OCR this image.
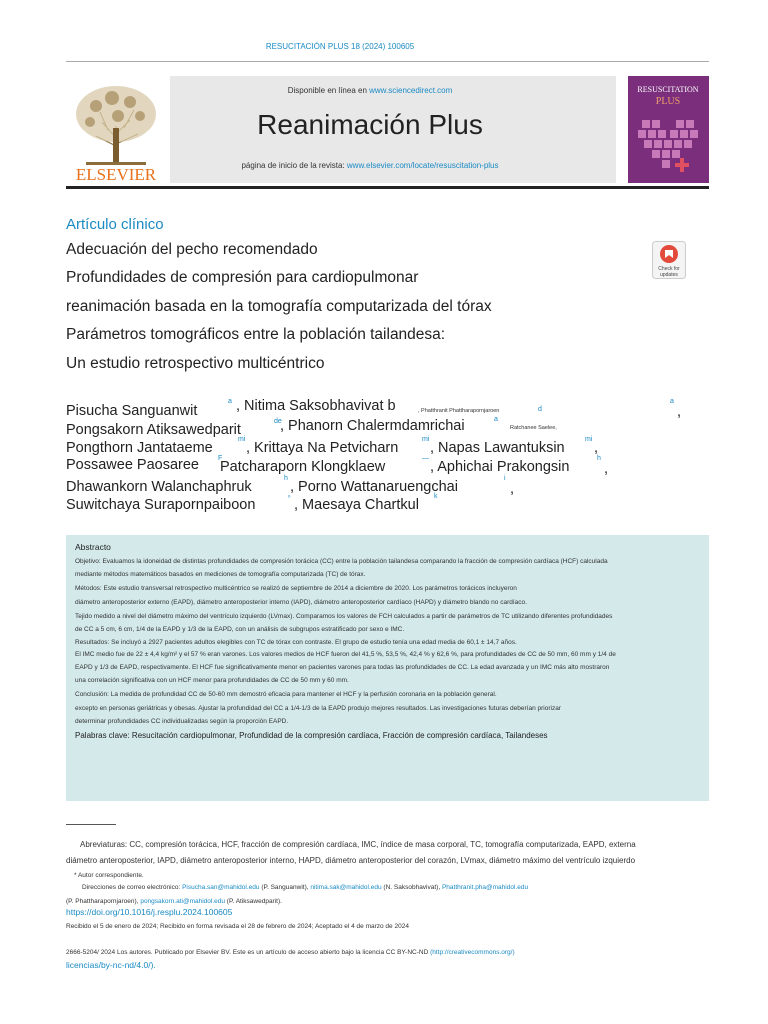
RESUCITACIÓN PLUS 18 (2024) 100605
ELSEVIER
Disponible en línea en www.sciencedirect.com
Reanimación Plus
página de inicio de la revista: www.elsevier.com/locate/resuscitation-plus
RESUSCITATION
PLUS
Artículo clínico
Adecuación del pecho recomendado
Profundidades de compresión para cardiopulmonar
reanimación basada en la tomografía computarizada del tórax
Parámetros tomográficos entre la población tailandesa:
Un estudio retrospectivo multicéntrico
Check for
updates
Pisucha Sanguanwit
a , Nitima Saksobhavivat b	, Phatthranit Phattharapornjaroen	d
a
,
Pongsakorn Atiksawedparit
de
, Phanorn Chalermdamrichai	a
Ratchanee Saelee,
Pongthorn Jantataeme
mi
, Krittaya Na Petvicharn
mi
, Napas Lawantuksin
mi
,
Possawee Paosaree	F
Patcharaporn Klongklaew
—
, Aphichai Prakongsin
h
,
Dhawankorn Walanchaphruk
h
, Porno Wattanaruengchai
i
,
Suwitchaya Surapornpaiboon	ⁿ , Maesaya Chartkul
k
Abstracto
Objetivo: Evaluamos la idoneidad de distintas profundidades de compresión torácica (CC) entre la población tailandesa comparando la fracción de compresión cardíaca (HCF) calculada
mediante métodos matemáticos basados en mediciones de tomografía computarizada (TC) de tórax.
Métodos: Este estudio transversal retrospectivo multicéntrico se realizó de septiembre de 2014 a diciembre de 2020. Los parámetros torácicos incluyeron
diámetro anteroposterior externo (EAPD), diámetro anteroposterior interno (IAPD), diámetro anteroposterior cardíaco (HAPD) y diámetro blando no cardíaco.
Tejido medido a nivel del diámetro máximo del ventrículo izquierdo (LVmax). Comparamos los valores de FCH calculados a partir de parámetros de TC utilizando diferentes profundidades
de CC a 5 cm, 6 cm, 1/4 de la EAPD y 1/3 de la EAPD, con un análisis de subgrupos estratificado por sexo e IMC.
Resultados: Se incluyó a 2927 pacientes adultos elegibles con TC de tórax con contraste. El grupo de estudio tenía una edad media de 60,1 ± 14,7 años.
El IMC medio fue de 22 ± 4,4 kg/m² y el 57 % eran varones. Los valores medios de HCF fueron del 41,5 %, 53,5 %, 42,4 % y 62,6 %, para profundidades de CC de 50 mm, 60 mm y 1/4 de
EAPD y 1/3 de EAPD, respectivamente. El HCF fue significativamente menor en pacientes varones para todas las profundidades de CC. La edad avanzada y un IMC más alto mostraron
una correlación significativa con un HCF menor para profundidades de CC de 50 mm y 60 mm.
Conclusión: La medida de profundidad CC de 50-60 mm demostró eficacia para mantener el HCF y la perfusión coronaria en la población general.
excepto en personas geriátricas y obesas. Ajustar la profundidad del CC a 1/4-1/3 de la EAPD produjo mejores resultados. Las investigaciones futuras deberían priorizar
determinar profundidades CC individualizadas según la proporción EAPD.
Palabras clave: Resucitación cardiopulmonar, Profundidad de la compresión cardíaca, Fracción de compresión cardíaca, Tailandeses
Abreviaturas: CC, compresión torácica, HCF, fracción de compresión cardíaca, IMC, índice de masa corporal, TC, tomografía computarizada, EAPD, externa
diámetro anteroposterior, IAPD, diámetro anteroposterior interno, HAPD, diámetro anteroposterior del corazón, LVmax, diámetro máximo del ventrículo izquierdo
* Autor correspondiente.
Direcciones de correo electrónico: Pisucha.san@mahidol.edu (P. Sanguanwit), nitima.sak@mahidol.edu (N. Saksobhavivat), Phatthranit.pha@mahidol.edu
(P. Phattharapornjaroen), pongsakorn.ati@mahidol.edu (P. Atiksawedparit).
https://doi.org/10.1016/j.resplu.2024.100605
Recibido el 5 de enero de 2024; Recibido en forma revisada el 28 de febrero de 2024; Aceptado el 4 de marzo de 2024
2666-5204/ 2024 Los autores. Publicado por Elsevier BV. Este es un artículo de acceso abierto bajo la licencia CC BY-NC-ND (http://creativecommons.org/)
licencias/by-nc-nd/4.0/).
